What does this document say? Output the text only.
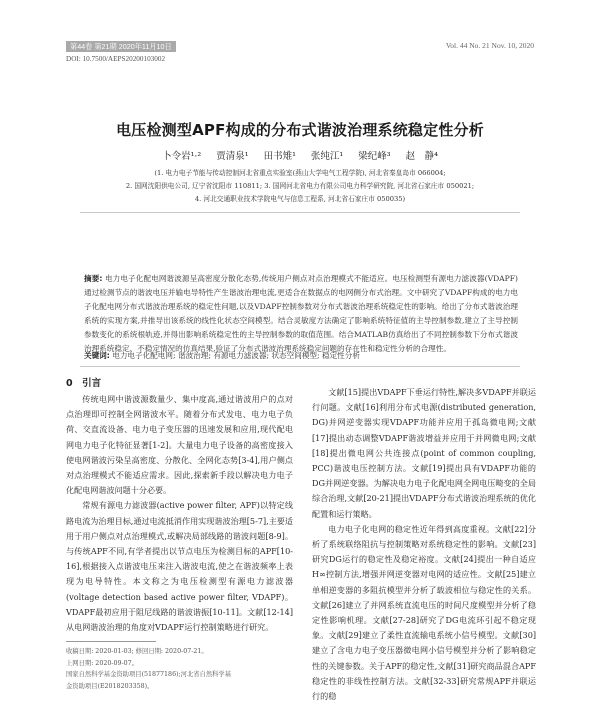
第44卷 第21期 2020年11月10日	Vol. 44 No. 21 Nov. 10, 2020
DOI: 10.7500/AEPS20200103002
电压检测型APF构成的分布式谐波治理系统稳定性分析
卜令岩¹·² 贾清泉¹ 田书雉¹ 张纯江¹ 梁纪峰³ 赵　静⁴
(1. 电力电子节能与传动控制河北省重点实验室(燕山大学电气工程学院), 河北省秦皇岛市 066004;
2. 国网沈阳供电公司, 辽宁省沈阳市 110811; 3. 国网河北省电力有限公司电力科学研究院, 河北省石家庄市 050021;
4. 河北交通职业技术学院电气与信息工程系, 河北省石家庄市 050035)
摘要: 电力电子化配电网谐波源呈高密度分散化态势,传统用户侧点对点治理模式不能适应。电压检测型有源电力滤波器(VDAPF)通过检测节点的谐波电压并输电导特性产生谐波治理电流,更适合在数据点的电网侧分布式治理。文中研究了VDAPF构成的电力电子化配电网分布式谐波治理系统的稳定性问题,以及VDAPF控制参数对分布式谐波治理系统稳定性的影响。给出了分布式谐波治理系统的实现方案,并推导出该系统的线性化状态空间模型。结合灵敏度方法确定了影响系统特征值的主导控制参数,建立了主导控制参数变化的系统根轨迹,并得出影响系统稳定性的主导控制参数的取值范围。结合MATLAB仿真给出了不同控制参数下分布式谐波治理系统稳定、不稳定情况的仿真结果,验证了分布式谐波治理系统稳定问题的存在性和稳定性分析的合理性。
关键词: 电力电子化配电网; 谐波治理; 有源电力滤波器; 状态空间模型; 稳定性分析
0　引言

传统电网中谐波源数量少、集中度高,通过谐波用户的点对点治理即可控制全网谐波水平。随着分布式发电、电力电子负荷、交直流设备、电力电子变压器的迅速发展和应用,现代配电网电力电子化特征显著[1-2]。大量电力电子设备的高密度接入使电网谐波污染呈高密度、分散化、全网化态势[3-4],用户侧点对点治理模式不能适应需求。因此,探索新手段以解决电力电子化配电网谐波问题十分必要。

常规有源电力滤波器(active power filter, APF)以特定线路电流为治理目标,通过电流抵消作用实现谐波治理[5-7],主要适用于用户侧点对点治理模式,或解决局部线路的谐波问题[8-9]。与传统APF不同,有学者提出以节点电压为检测目标的APF[10-16],根据接入点谐波电压来注入谐波电流,使之在谐波频率上表现为电导特性。本文称之为电压检测型有源电力滤波器(voltage detection based active power filter, VDAPF)。VDAPF最初应用于阻尼线路的谐波谐振[10-11]。文献[12-14]从电网谐波治理的角度对VDAPF运行控制策略进行研究。

文献[15]提出VDAPF下垂运行特性,解决多VDAPF并联运行问题。文献[16]利用分布式电源(distributed generation, DG)并网逆变器实现VDAPF功能并应用于孤岛微电网;文献[17]提出动态调整VDAPF谐波增益并应用于并网微电网;文献[18]提出微电网公共连接点(point of common coupling, PCC)谐波电压控制方法。文献[19]提出具有VDAPF功能的DG并网逆变器。为解决电力电子化配电网全网电压畸变的全局综合治理,文献[20-21]提出VDAPF分布式谐波治理系统的优化配置和运行策略。

电力电子化电网的稳定性近年得到高度重视。文献[22]分析了系统联络阻抗与控制策略对系统稳定性的影响。文献[23]研究DG运行的稳定性及稳定裕度。文献[24]提出一种自适应H∞控制方法,增强并网逆变器对电网的适应性。文献[25]建立单相逆变器的多阻抗模型并分析了载波相位与稳定性的关系。文献[26]建立了并网系统直流电压的时间尺度模型并分析了稳定性影响机理。文献[27-28]研究了DG电流环引起不稳定现象。文献[29]建立了柔性直流输电系统小信号模型。文献[30]建立了含电力电子变压器微电网小信号模型并分析了影响稳定性的关键参数。关于APF的稳定性,文献[31]研究商品混合APF稳定性的非线性控制方法。文献[32-33]研究常规APF并联运行的稳

收稿日期: 2020-01-03; 修回日期: 2020-07-21。
上网日期: 2020-09-07。
国家自然科学基金资助项目(51877186);河北省自然科学基
金资助项目(E2018203358)。
